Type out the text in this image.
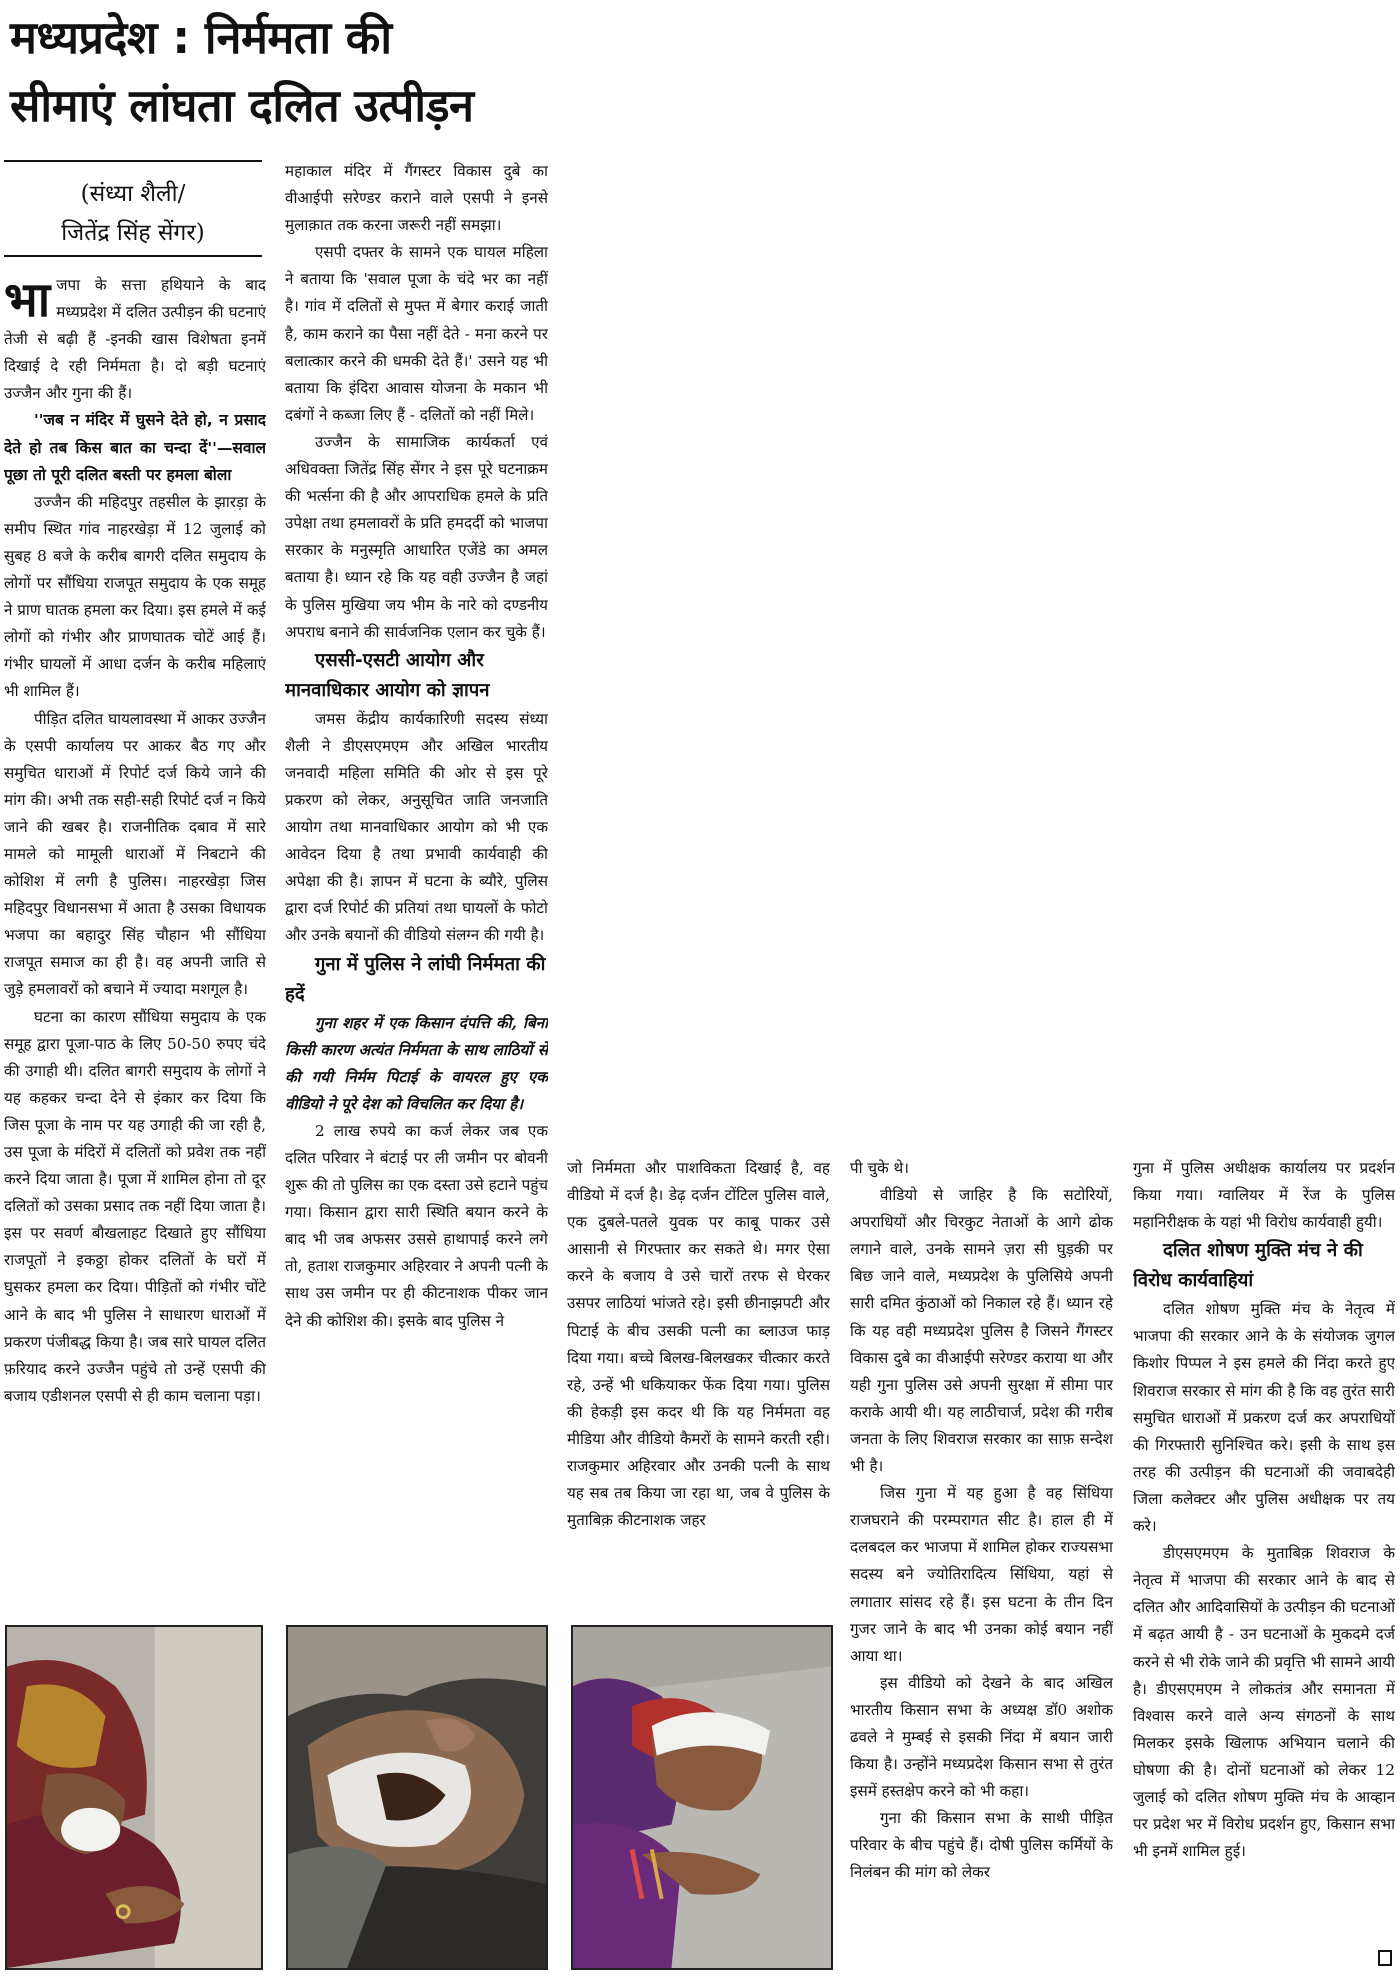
मध्यप्रदेश : निर्ममता की
सीमाएं लांघता दलित उत्पीड़न
(संध्या शैली/
जितेंद्र सिंह सेंगर)

भाजपा के सत्ता हथियाने के बाद मध्यप्रदेश में दलित उत्पीड़न की घटनाएं तेजी से बढ़ी हैं -इनकी खास विशेषता इनमें दिखाई दे रही निर्ममता है। दो बड़ी घटनाएं उज्जैन और गुना की हैं।

''जब न मंदिर में घुसने देते हो, न प्रसाद देते हो तब किस बात का चन्दा दें''—सवाल पूछा तो पूरी दलित बस्ती पर हमला बोला

उज्जैन की महिदपुर तहसील के झारड़ा के समीप स्थित गांव नाहरखेड़ा में 12 जुलाई को सुबह 8 बजे के करीब बागरी दलित समुदाय के लोगों पर सौंधिया राजपूत समुदाय के एक समूह ने प्राण घातक हमला कर दिया। इस हमले में कई लोगों को गंभीर और प्राणघातक चोटें आई हैं। गंभीर घायलों में आधा दर्जन के करीब महिलाएं भी शामिल हैं।

पीड़ित दलित घायलावस्था में आकर उज्जैन के एसपी कार्यालय पर आकर बैठ गए और समुचित धाराओं में रिपोर्ट दर्ज किये जाने की मांग की। अभी तक सही-सही रिपोर्ट दर्ज न किये जाने की खबर है। राजनीतिक दबाव में सारे मामले को मामूली धाराओं में निबटाने की कोशिश में लगी है पुलिस। नाहरखेड़ा जिस महिदपुर विधानसभा में आता है उसका विधायक भजपा का बहादुर सिंह चौहान भी सौंधिया राजपूत समाज का ही है। वह अपनी जाति से जुड़े हमलावरों को बचाने में ज्यादा मशगूल है।

घटना का कारण सौंधिया समुदाय के एक समूह द्वारा पूजा-पाठ के लिए 50-50 रुपए चंदे की उगाही थी। दलित बागरी समुदाय के लोगों ने यह कहकर चन्दा देने से इंकार कर दिया कि जिस पूजा के नाम पर यह उगाही की जा रही है, उस पूजा के मंदिरों में दलितों को प्रवेश तक नहीं करने दिया जाता है। पूजा में शामिल होना तो दूर दलितों को उसका प्रसाद तक नहीं दिया जाता है। इस पर सवर्ण बौखलाहट दिखाते हुए सौंधिया राजपूतों ने इकठ्ठा होकर दलितों के घरों में घुसकर हमला कर दिया। पीड़ितों को गंभीर चोंटे आने के बाद भी पुलिस ने साधारण धाराओं में प्रकरण पंजीबद्ध किया है। जब सारे घायल दलित फ़रियाद करने उज्जैन पहुंचे तो उन्हें एसपी की बजाय एडीशनल एसपी से ही काम चलाना पड़ा।

महाकाल मंदिर में गैंगस्टर विकास दुबे का वीआईपी सरेण्डर कराने वाले एसपी ने इनसे मुलाक़ात तक करना जरूरी नहीं समझा।

एसपी दफ्तर के सामने एक घायल महिला ने बताया कि 'सवाल पूजा के चंदे भर का नहीं है। गांव में दलितों से मुफ्त में बेगार कराई जाती है, काम कराने का पैसा नहीं देते - मना करने पर बलात्कार करने की धमकी देते हैं।' उसने यह भी बताया कि इंदिरा आवास योजना के मकान भी दबंगों ने कब्जा लिए हैं - दलितों को नहीं मिले।

उज्जैन के सामाजिक कार्यकर्ता एवं अधिवक्ता जितेंद्र सिंह सेंगर ने इस पूरे घटनाक्रम की भर्त्सना की है और आपराधिक हमले के प्रति उपेक्षा तथा हमलावरों के प्रति हमदर्दी को भाजपा सरकार के मनुस्मृति आधारित एजेंडे का अमल बताया है। ध्यान रहे कि यह वही उज्जैन है जहां के पुलिस मुखिया जय भीम के नारे को दण्डनीय अपराध बनाने की सार्वजनिक एलान कर चुके हैं।

एससी-एसटी आयोग और मानवाधिकार आयोग को ज्ञापन

जमस केंद्रीय कार्यकारिणी सदस्य संध्या शैली ने डीएसएमएम और अखिल भारतीय जनवादी महिला समिति की ओर से इस पूरे प्रकरण को लेकर, अनुसूचित जाति जनजाति आयोग तथा मानवाधिकार आयोग को भी एक आवेदन दिया है तथा प्रभावी कार्यवाही की अपेक्षा की है। ज्ञापन में घटना के ब्यौरे, पुलिस द्वारा दर्ज रिपोर्ट की प्रतियां तथा घायलों के फोटो और उनके बयानों की वीडियो संलग्न की गयी है।

गुना में पुलिस ने लांघी निर्ममता की हदें

गुना शहर में एक किसान दंपत्ति की, बिना किसी कारण अत्यंत निर्ममता के साथ लाठियों से की गयी निर्मम पिटाई के वायरल हुए एक वीडियो ने पूरे देश को विचलित कर दिया है।

2 लाख रुपये का कर्ज लेकर जब एक दलित परिवार ने बंटाई पर ली जमीन पर बोवनी शुरू की तो पुलिस का एक दस्ता उसे हटाने पहुंच गया। किसान द्वारा सारी स्थिति बयान करने के बाद भी जब अफसर उससे हाथापाई करने लगे तो, हताश राजकुमार अहिरवार ने अपनी पत्नी के साथ उस जमीन पर ही कीटनाशक पीकर जान देने की कोशिश की। इसके बाद पुलिस ने

जो निर्ममता और पाशविकता दिखाई है, वह वीडियो में दर्ज है। डेढ़ दर्जन टोंटिल पुलिस वाले, एक दुबले-पतले युवक पर काबू पाकर उसे आसानी से गिरफ्तार कर सकते थे। मगर ऐसा करने के बजाय वे उसे चारों तरफ से घेरकर उसपर लाठियां भांजते रहे। इसी छीनाझपटी और पिटाई के बीच उसकी पत्नी का ब्लाउज फाड़ दिया गया। बच्चे बिलख-बिलखकर चीत्कार करते रहे, उन्हें भी धकियाकर फेंक दिया गया। पुलिस की हेकड़ी इस कदर थी कि यह निर्ममता वह मीडिया और वीडियो कैमरों के सामने करती रही। राजकुमार अहिरवार और उनकी पत्नी के साथ यह सब तब किया जा रहा था, जब वे पुलिस के मुताबिक़ कीटनाशक जहर

पी चुके थे।

वीडियो से जाहिर है कि सटोरियों, अपराधियों और चिरकुट नेताओं के आगे ढोक लगाने वाले, उनके सामने ज़रा सी घुड़की पर बिछ जाने वाले, मध्यप्रदेश के पुलिसिये अपनी सारी दमित कुंठाओं को निकाल रहे हैं। ध्यान रहे कि यह वही मध्यप्रदेश पुलिस है जिसने गैंगस्टर विकास दुबे का वीआईपी सरेण्डर कराया था और यही गुना पुलिस उसे अपनी सुरक्षा में सीमा पार कराके आयी थी। यह लाठीचार्ज, प्रदेश की गरीब जनता के लिए शिवराज सरकार का साफ़ सन्देश भी है।

जिस गुना में यह हुआ है वह सिंधिया राजघराने की परम्परागत सीट है। हाल ही में दलबदल कर भाजपा में शामिल होकर राज्यसभा सदस्य बने ज्योतिरादित्य सिंधिया, यहां से लगातार सांसद रहे हैं। इस घटना के तीन दिन गुजर जाने के बाद भी उनका कोई बयान नहीं आया था।

इस वीडियो को देखने के बाद अखिल भारतीय किसान सभा के अध्यक्ष डॉ0 अशोक ढवले ने मुम्बई से इसकी निंदा में बयान जारी किया है। उन्होंने मध्यप्रदेश किसान सभा से तुरंत इसमें हस्तक्षेप करने को भी कहा।

गुना की किसान सभा के साथी पीड़ित परिवार के बीच पहुंचे हैं। दोषी पुलिस कर्मियों के निलंबन की मांग को लेकर

गुना में पुलिस अधीक्षक कार्यालय पर प्रदर्शन किया गया। ग्वालियर में रेंज के पुलिस महानिरीक्षक के यहां भी विरोध कार्यवाही हुयी।

दलित शोषण मुक्ति मंच ने की विरोध कार्यवाहियां

दलित शोषण मुक्ति मंच के नेतृत्व में भाजपा की सरकार आने के के संयोजक जुगल किशोर पिप्पल ने इस हमले की निंदा करते हुए शिवराज सरकार से मांग की है कि वह तुरंत सारी समुचित धाराओं में प्रकरण दर्ज कर अपराधियों की गिरफ्तारी सुनिश्चित करे। इसी के साथ इस तरह की उत्पीड़न की घटनाओं की जवाबदेही जिला कलेक्टर और पुलिस अधीक्षक पर तय करे।

डीएसएमएम के मुताबिक़ शिवराज के नेतृत्व में भाजपा की सरकार आने के बाद से दलित और आदिवासियों के उत्पीड़न की घटनाओं में बढ़त आयी है - उन घटनाओं के मुकदमे दर्ज करने से भी रोके जाने की प्रवृत्ति भी सामने आयी है। डीएसएमएम ने लोकतंत्र और समानता में विश्वास करने वाले अन्य संगठनों के साथ मिलकर इसके खिलाफ अभियान चलाने की घोषणा की है। दोनों घटनाओं को लेकर 12 जुलाई को दलित शोषण मुक्ति मंच के आव्हान पर प्रदेश भर में विरोध प्रदर्शन हुए, किसान सभा भी इनमें शामिल हुई।
